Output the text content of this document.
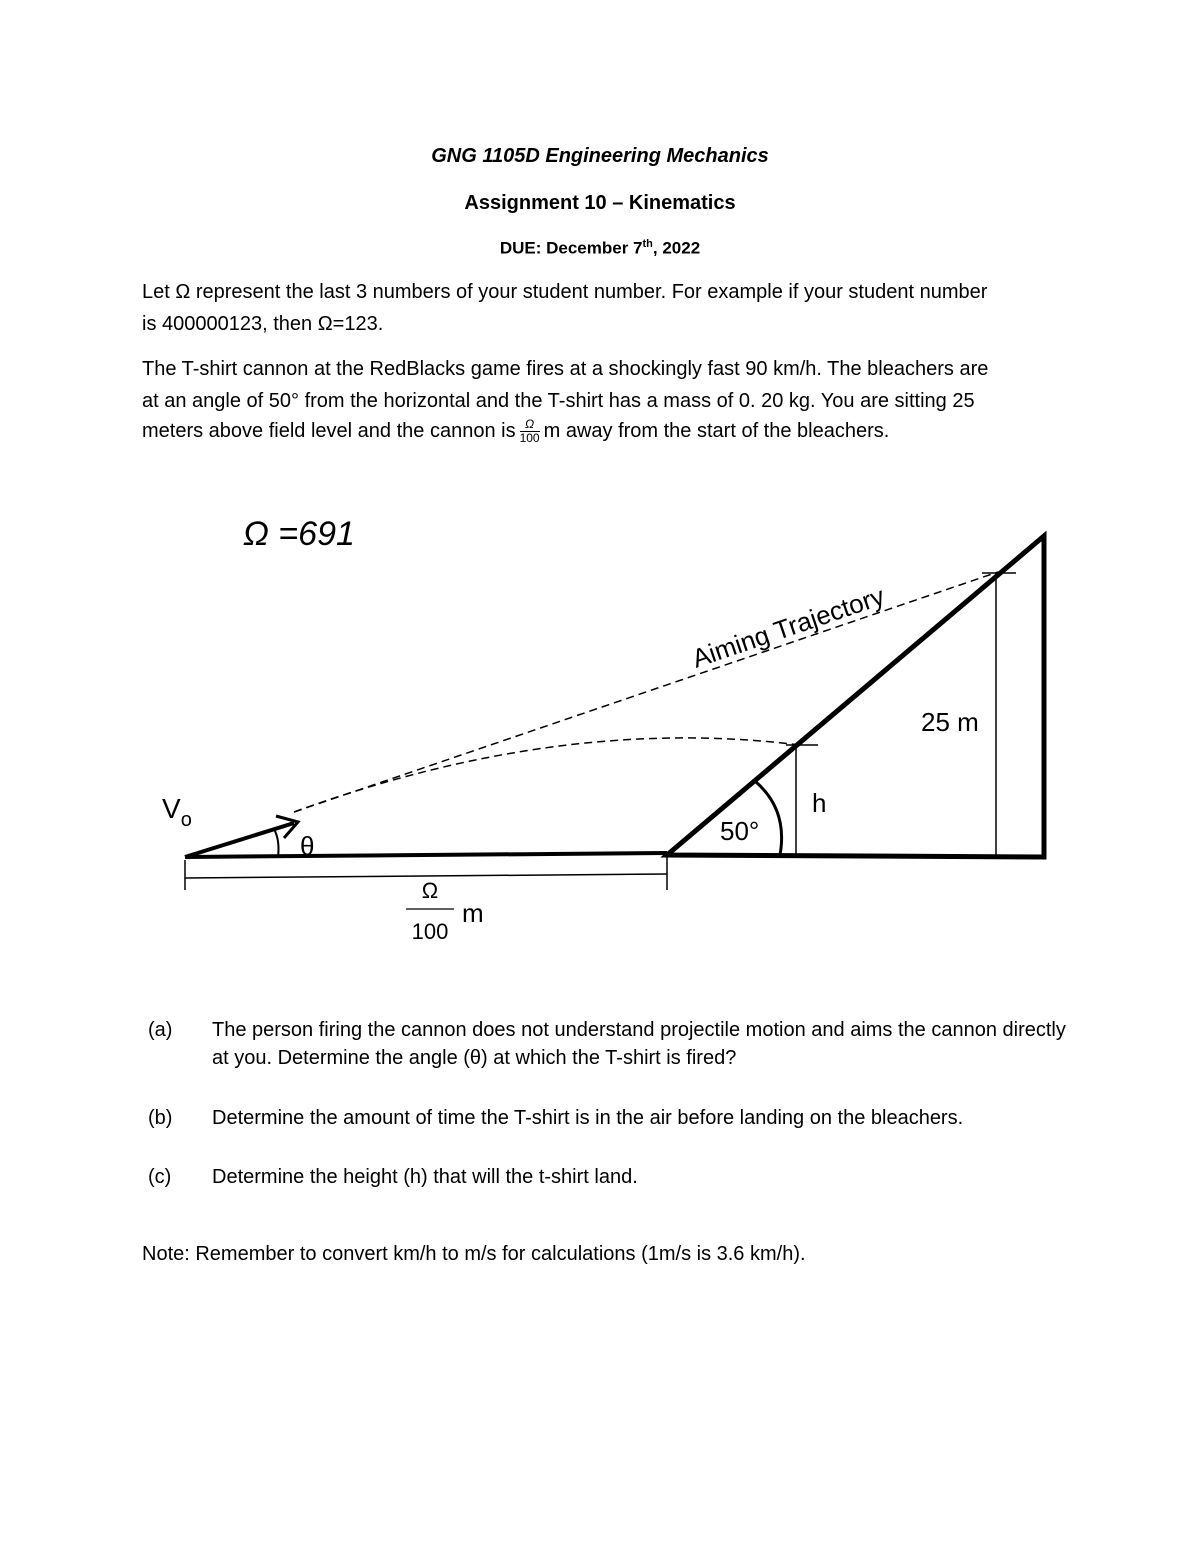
GNG 1105D Engineering Mechanics
Assignment 10 – Kinematics
DUE: December 7th, 2022
Let Ω represent the last 3 numbers of your student number. For example if your student number
is 400000123, then Ω=123.
The T-shirt cannon at the RedBlacks game fires at a shockingly fast 90 km/h. The bleachers are
at an angle of 50° from the horizontal and the T-shirt has a mass of 0. 20 kg. You are sitting 25
meters above field level and the cannon is $\frac{\Omega}{100}$ m away from the start of the bleachers.
Ω =691
Ω
100
m
$V_o$
θ
25 m
Aiming Trajectory
h
50°
(a) The person firing the cannon does not understand projectile motion and aims the cannon directly at you. Determine the angle (θ) at which the T-shirt is fired?
(b) Determine the amount of time the T-shirt is in the air before landing on the bleachers.
(c) Determine the height (h) that will the t-shirt land.
Note: Remember to convert km/h to m/s for calculations (1m/s is 3.6 km/h).
